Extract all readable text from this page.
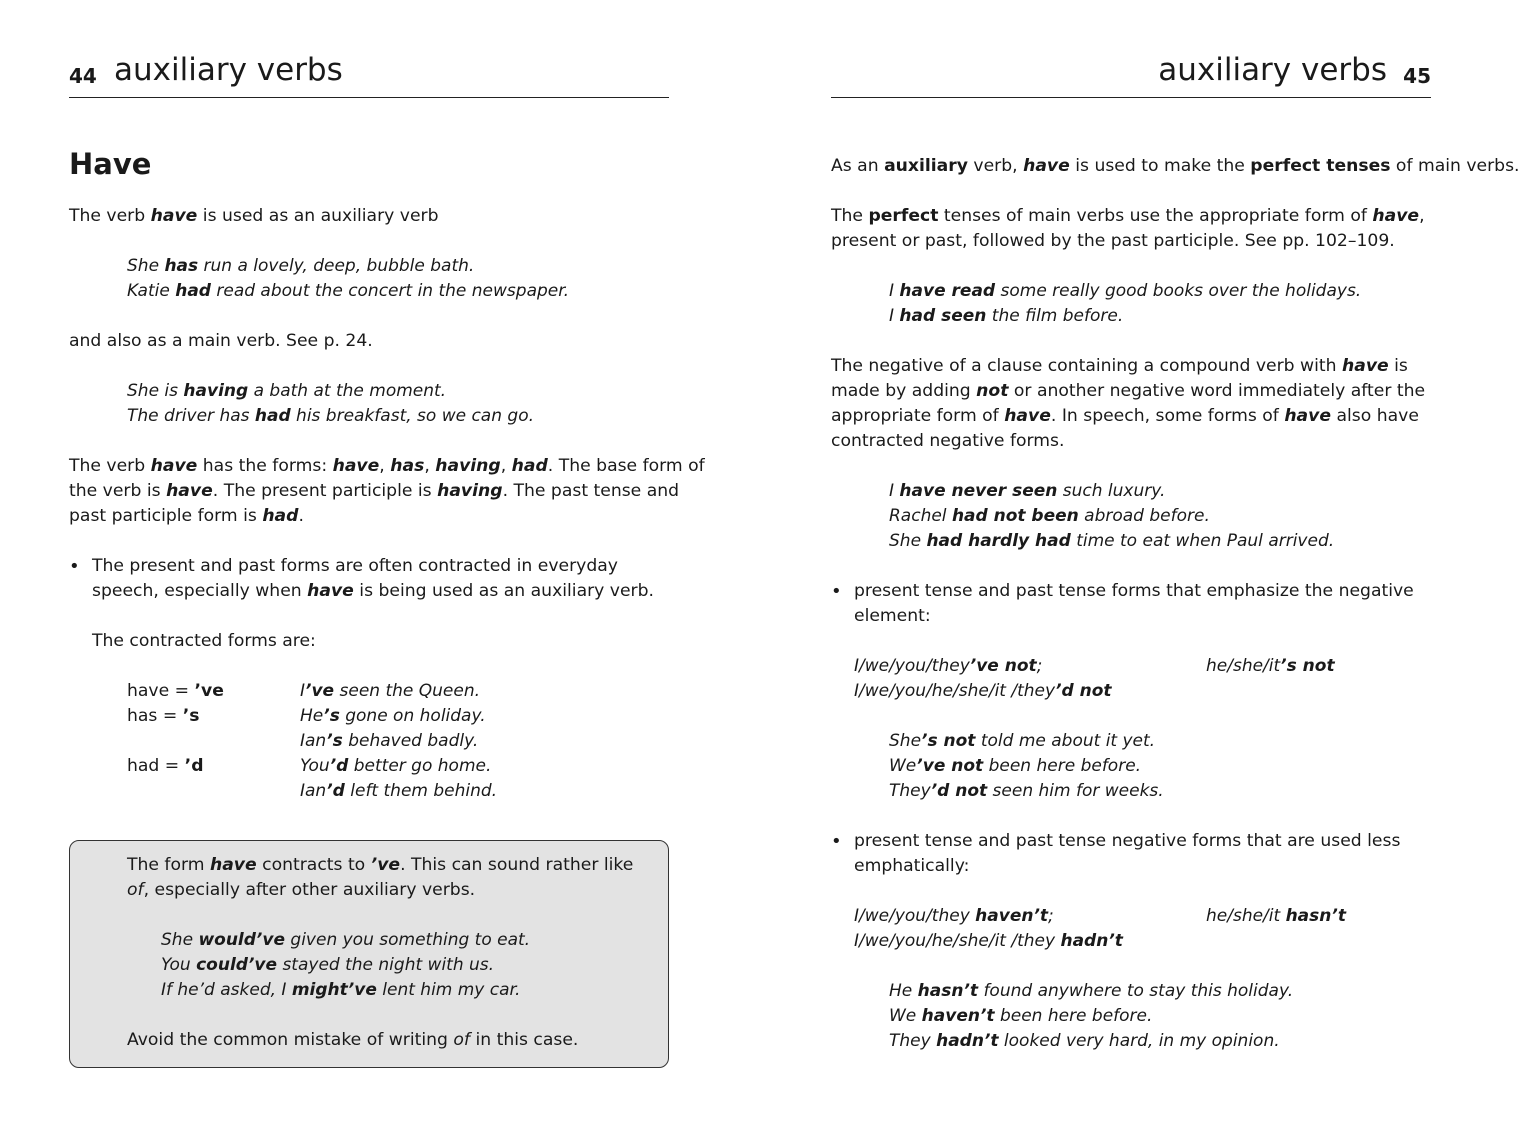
44 auxiliary verbs
Have
The verb have is used as an auxiliary verb
She has run a lovely, deep, bubble bath.
Katie had read about the concert in the newspaper.
and also as a main verb. See p. 24.
She is having a bath at the moment.
The driver has had his breakfast, so we can go.
The verb have has the forms: have, has, having, had. The base form of
the verb is have. The present participle is having. The past tense and
past participle form is had.
• The present and past forms are often contracted in everyday
speech, especially when have is being used as an auxiliary verb.
The contracted forms are:
have = ’ve	I’ve seen the Queen.
has = ’s	He’s gone on holiday.
Ian’s behaved badly.
had = ’d	You’d better go home.
Ian’d left them behind.
The form have contracts to ’ve. This can sound rather like
of, especially after other auxiliary verbs.
She would’ve given you something to eat.
You could’ve stayed the night with us.
If he’d asked, I might’ve lent him my car.
Avoid the common mistake of writing of in this case.
auxiliary verbs 45
As an auxiliary verb, have is used to make the perfect tenses of main verbs.
The perfect tenses of main verbs use the appropriate form of have,
present or past, followed by the past participle. See pp. 102–109.
I have read some really good books over the holidays.
I had seen the film before.
The negative of a clause containing a compound verb with have is
made by adding not or another negative word immediately after the
appropriate form of have. In speech, some forms of have also have
contracted negative forms.
I have never seen such luxury.
Rachel had not been abroad before.
She had hardly had time to eat when Paul arrived.
• present tense and past tense forms that emphasize the negative
element:
I/we/you/they’ve not;	he/she/it’s not
I/we/you/he/she/it /they’d not
She’s not told me about it yet.
We’ve not been here before.
They’d not seen him for weeks.
• present tense and past tense negative forms that are used less
emphatically:
I/we/you/they haven’t;	he/she/it hasn’t
I/we/you/he/she/it /they hadn’t
He hasn’t found anywhere to stay this holiday.
We haven’t been here before.
They hadn’t looked very hard, in my opinion.
